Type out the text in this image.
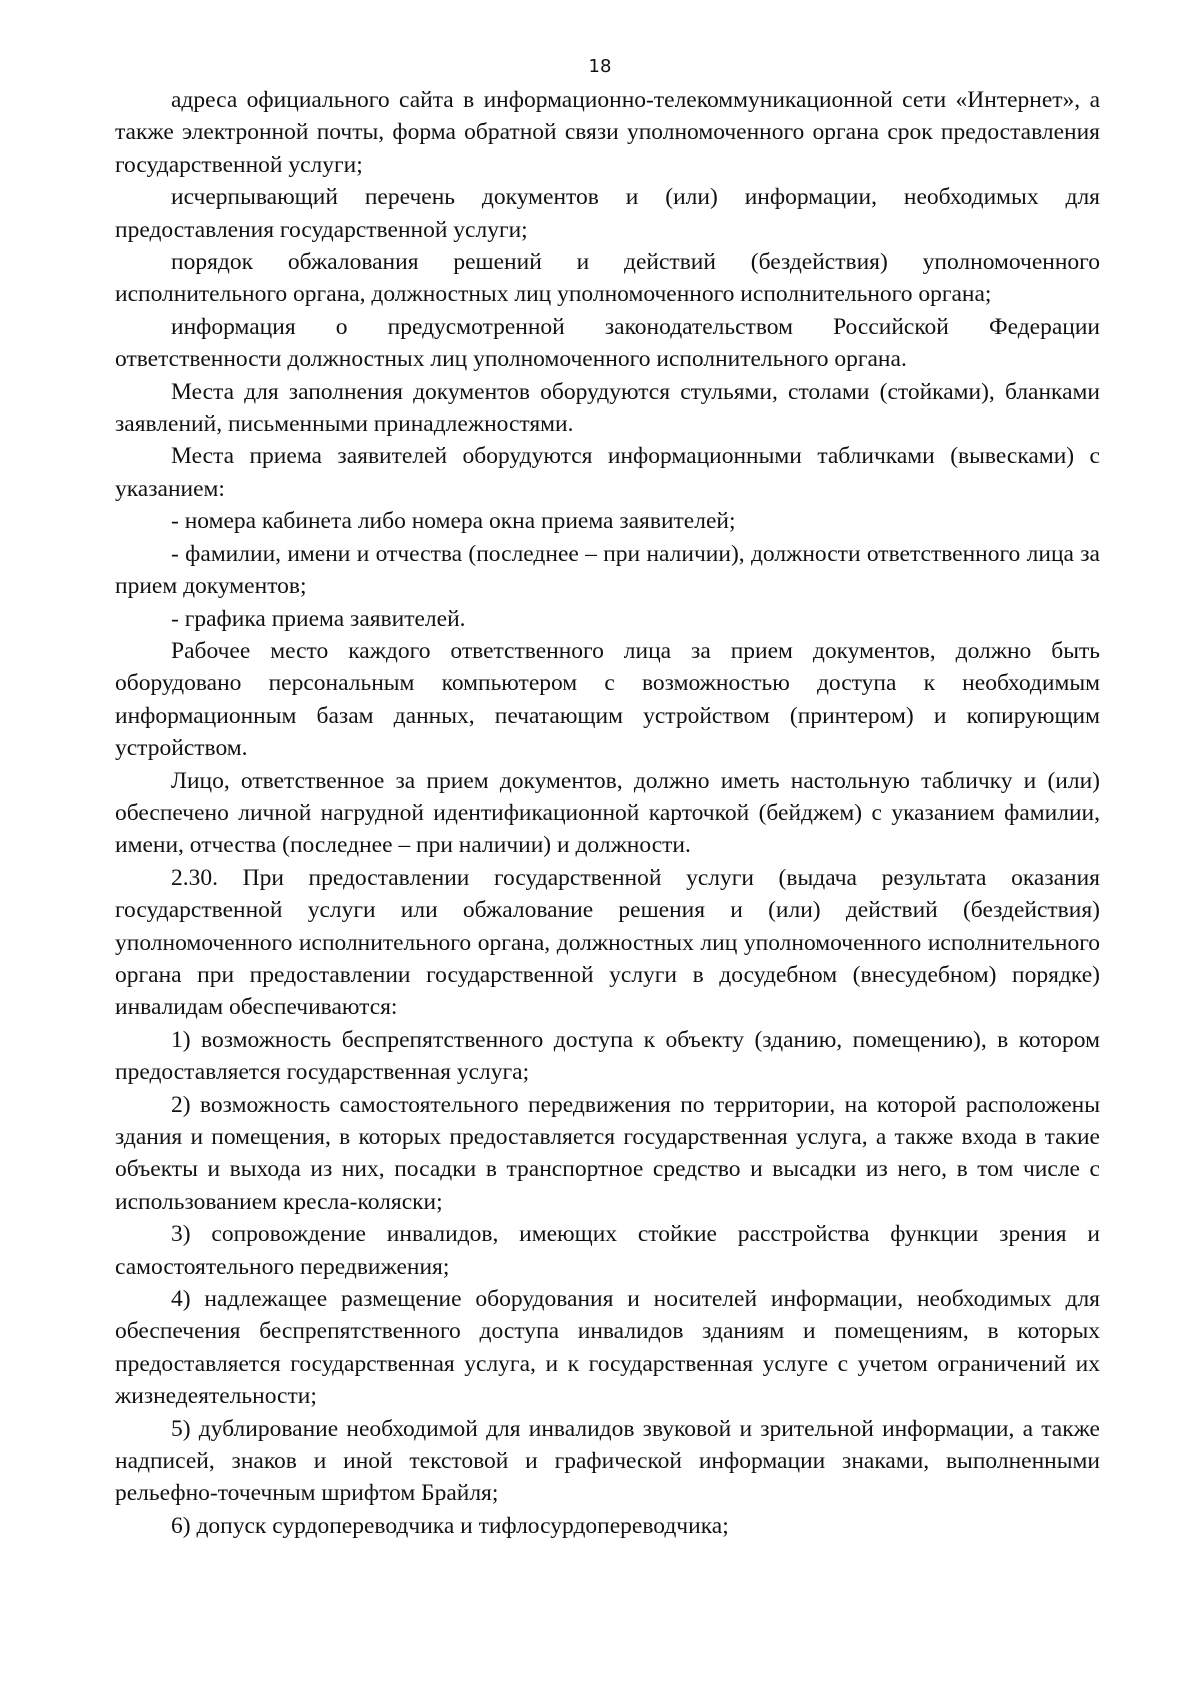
18

адреса официального сайта в информационно-телекоммуникационной сети «Интернет», а также электронной почты, форма обратной связи уполномоченного органа срок предоставления государственной услуги;

исчерпывающий перечень документов и (или) информации, необходимых для предоставления государственной услуги;

порядок обжалования решений и действий (бездействия) уполномоченного исполнительного органа, должностных лиц уполномоченного исполнительного органа;

информация о предусмотренной законодательством Российской Федерации ответственности должностных лиц уполномоченного исполнительного органа.

Места для заполнения документов оборудуются стульями, столами (стойками), бланками заявлений, письменными принадлежностями.

Места приема заявителей оборудуются информационными табличками (вывесками) с указанием:

- номера кабинета либо номера окна приема заявителей;

- фамилии, имени и отчества (последнее – при наличии), должности ответственного лица за прием документов;

- графика приема заявителей.

Рабочее место каждого ответственного лица за прием документов, должно быть оборудовано персональным компьютером с возможностью доступа к необходимым информационным базам данных, печатающим устройством (принтером) и копирующим устройством.

Лицо, ответственное за прием документов, должно иметь настольную табличку и (или) обеспечено личной нагрудной идентификационной карточкой (бейджем) с указанием фамилии, имени, отчества (последнее – при наличии) и должности.

2.30. При предоставлении государственной услуги (выдача результата оказания государственной услуги или обжалование решения и (или) действий (бездействия) уполномоченного исполнительного органа, должностных лиц уполномоченного исполнительного органа при предоставлении государственной услуги в досудебном (внесудебном) порядке) инвалидам обеспечиваются:

1) возможность беспрепятственного доступа к объекту (зданию, помещению), в котором предоставляется государственная услуга;

2) возможность самостоятельного передвижения по территории, на которой расположены здания и помещения, в которых предоставляется государственная услуга, а также входа в такие объекты и выхода из них, посадки в транспортное средство и высадки из него, в том числе с использованием кресла-коляски;

3) сопровождение инвалидов, имеющих стойкие расстройства функции зрения и самостоятельного передвижения;

4) надлежащее размещение оборудования и носителей информации, необходимых для обеспечения беспрепятственного доступа инвалидов зданиям и помещениям, в которых предоставляется государственная услуга, и к государственная услуге с учетом ограничений их жизнедеятельности;

5) дублирование необходимой для инвалидов звуковой и зрительной информации, а также надписей, знаков и иной текстовой и графической информации знаками, выполненными рельефно-точечным шрифтом Брайля;

6) допуск сурдопереводчика и тифлосурдопереводчика;
